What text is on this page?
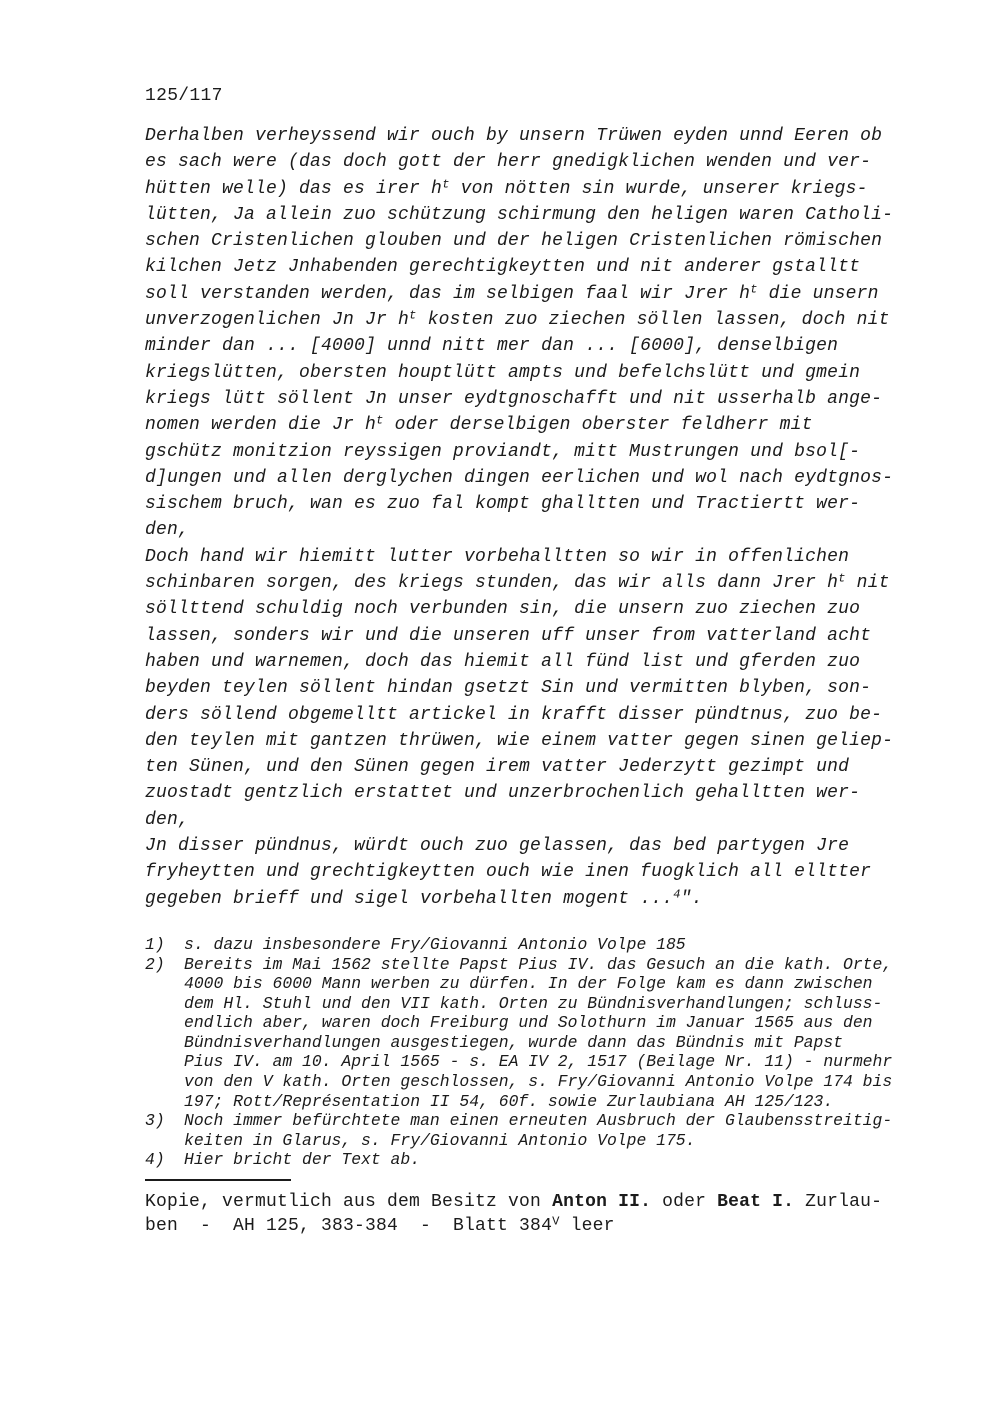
125/117
Derhalben verheyssend wir ouch by unsern Trüwen eyden unnd Eeren ob
es sach were (das doch gott der herr gnedigklichen wenden und ver-
hütten welle) das es irer $h^t$ von nötten sin wurde, unserer kriegs-
lütten, Ja allein zuo schützung schirmung den heligen waren Catholi-
schen Cristenlichen glouben und der heligen Cristenlichen römischen
kilchen Jetz Jnhabenden gerechtigkeytten und nit anderer gstalltt
soll verstanden werden, das im selbigen faal wir Jrer $h^t$ die unsern
unverzogenlichen Jn Jr $h^t$ kosten zuo ziechen söllen lassen, doch nit
minder dan ... [4000] unnd nitt mer dan ... [6000], denselbigen
kriegslütten, obersten houptlütt ampts und befelchslütt und gmein
kriegs lütt söllent Jn unser eydtgnoschafft und nit usserhalb ange-
nomen werden die Jr $h^t$ oder derselbigen oberster feldherr mit
gschütz monitzion reyssigen proviandt, mitt Mustrungen und bsol[-
d]ungen und allen derglychen dingen eerlichen und wol nach eydtgnos-
sischem bruch, wan es zuo fal kompt ghalltten und Tractiertt wer-
den,
Doch hand wir hiemitt lutter vorbehalltten so wir in offenlichen
schinbaren sorgen, des kriegs stunden, das wir alls dann Jrer $h^t$ nit
söllttend schuldig noch verbunden sin, die unsern zuo ziechen zuo
lassen, sonders wir und die unseren uff unser from vatterland acht
haben und warnemen, doch das hiemit all fünd list und gferden zuo
beyden teylen söllent hindan gsetzt Sin und vermitten blyben, son-
ders söllend obgemelltt artickel in krafft disser pündtnus, zuo be-
den teylen mit gantzen thrüwen, wie einem vatter gegen sinen geliep-
ten Sünen, und den Sünen gegen irem vatter Jederzytt gezimpt und
zuostadt gentzlich erstattet und unzerbrochenlich gehalltten wer-
den,
Jn disser pündnus, würdt ouch zuo gelassen, das bed partygen Jre
fryheytten und grechtigkeytten ouch wie inen fuogklich all elltter
gegeben brieff und sigel vorbehallten mogent ...$^4$".
1)	s. dazu insbesondere Fry/Giovanni Antonio Volpe 185
2)	Bereits im Mai 1562 stellte Papst Pius IV. das Gesuch an die kath. Orte,
4000 bis 6000 Mann werben zu dürfen. In der Folge kam es dann zwischen
dem Hl. Stuhl und den VII kath. Orten zu Bündnisverhandlungen; schluss-
endlich aber, waren doch Freiburg und Solothurn im Januar 1565 aus den
Bündnisverhandlungen ausgestiegen, wurde dann das Bündnis mit Papst
Pius IV. am 10. April 1565 - s. EA IV 2, 1517 (Beilage Nr. 11) - nurmehr
von den V kath. Orten geschlossen, s. Fry/Giovanni Antonio Volpe 174 bis
197; Rott/Représentation II 54, 60f. sowie Zurlaubiana AH 125/123.
3)	Noch immer befürchtete man einen erneuten Ausbruch der Glaubensstreitig-
keiten in Glarus, s. Fry/Giovanni Antonio Volpe 175.
4)	Hier bricht der Text ab.
Kopie, vermutlich aus dem Besitz von Anton II. oder Beat I. Zurlau-
ben  -  AH 125, 383-384  -  Blatt $384^V$ leer
